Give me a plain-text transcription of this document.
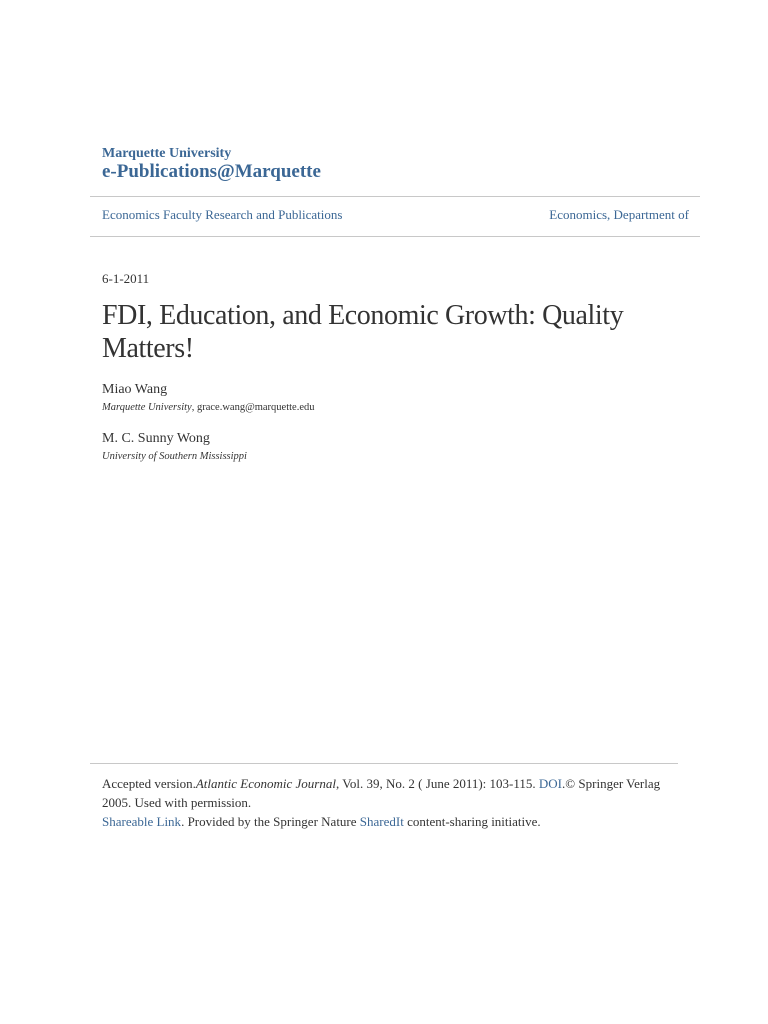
Marquette University
e-Publications@Marquette
Economics Faculty Research and Publications	Economics, Department of
6-1-2011
FDI, Education, and Economic Growth: Quality Matters!
Miao Wang
Marquette University, grace.wang@marquette.edu
M. C. Sunny Wong
University of Southern Mississippi
Accepted version.Atlantic Economic Journal, Vol. 39, No. 2 ( June 2011): 103-115. DOI.© Springer Verlag 2005. Used with permission.
Shareable Link. Provided by the Springer Nature SharedIt content-sharing initiative.
